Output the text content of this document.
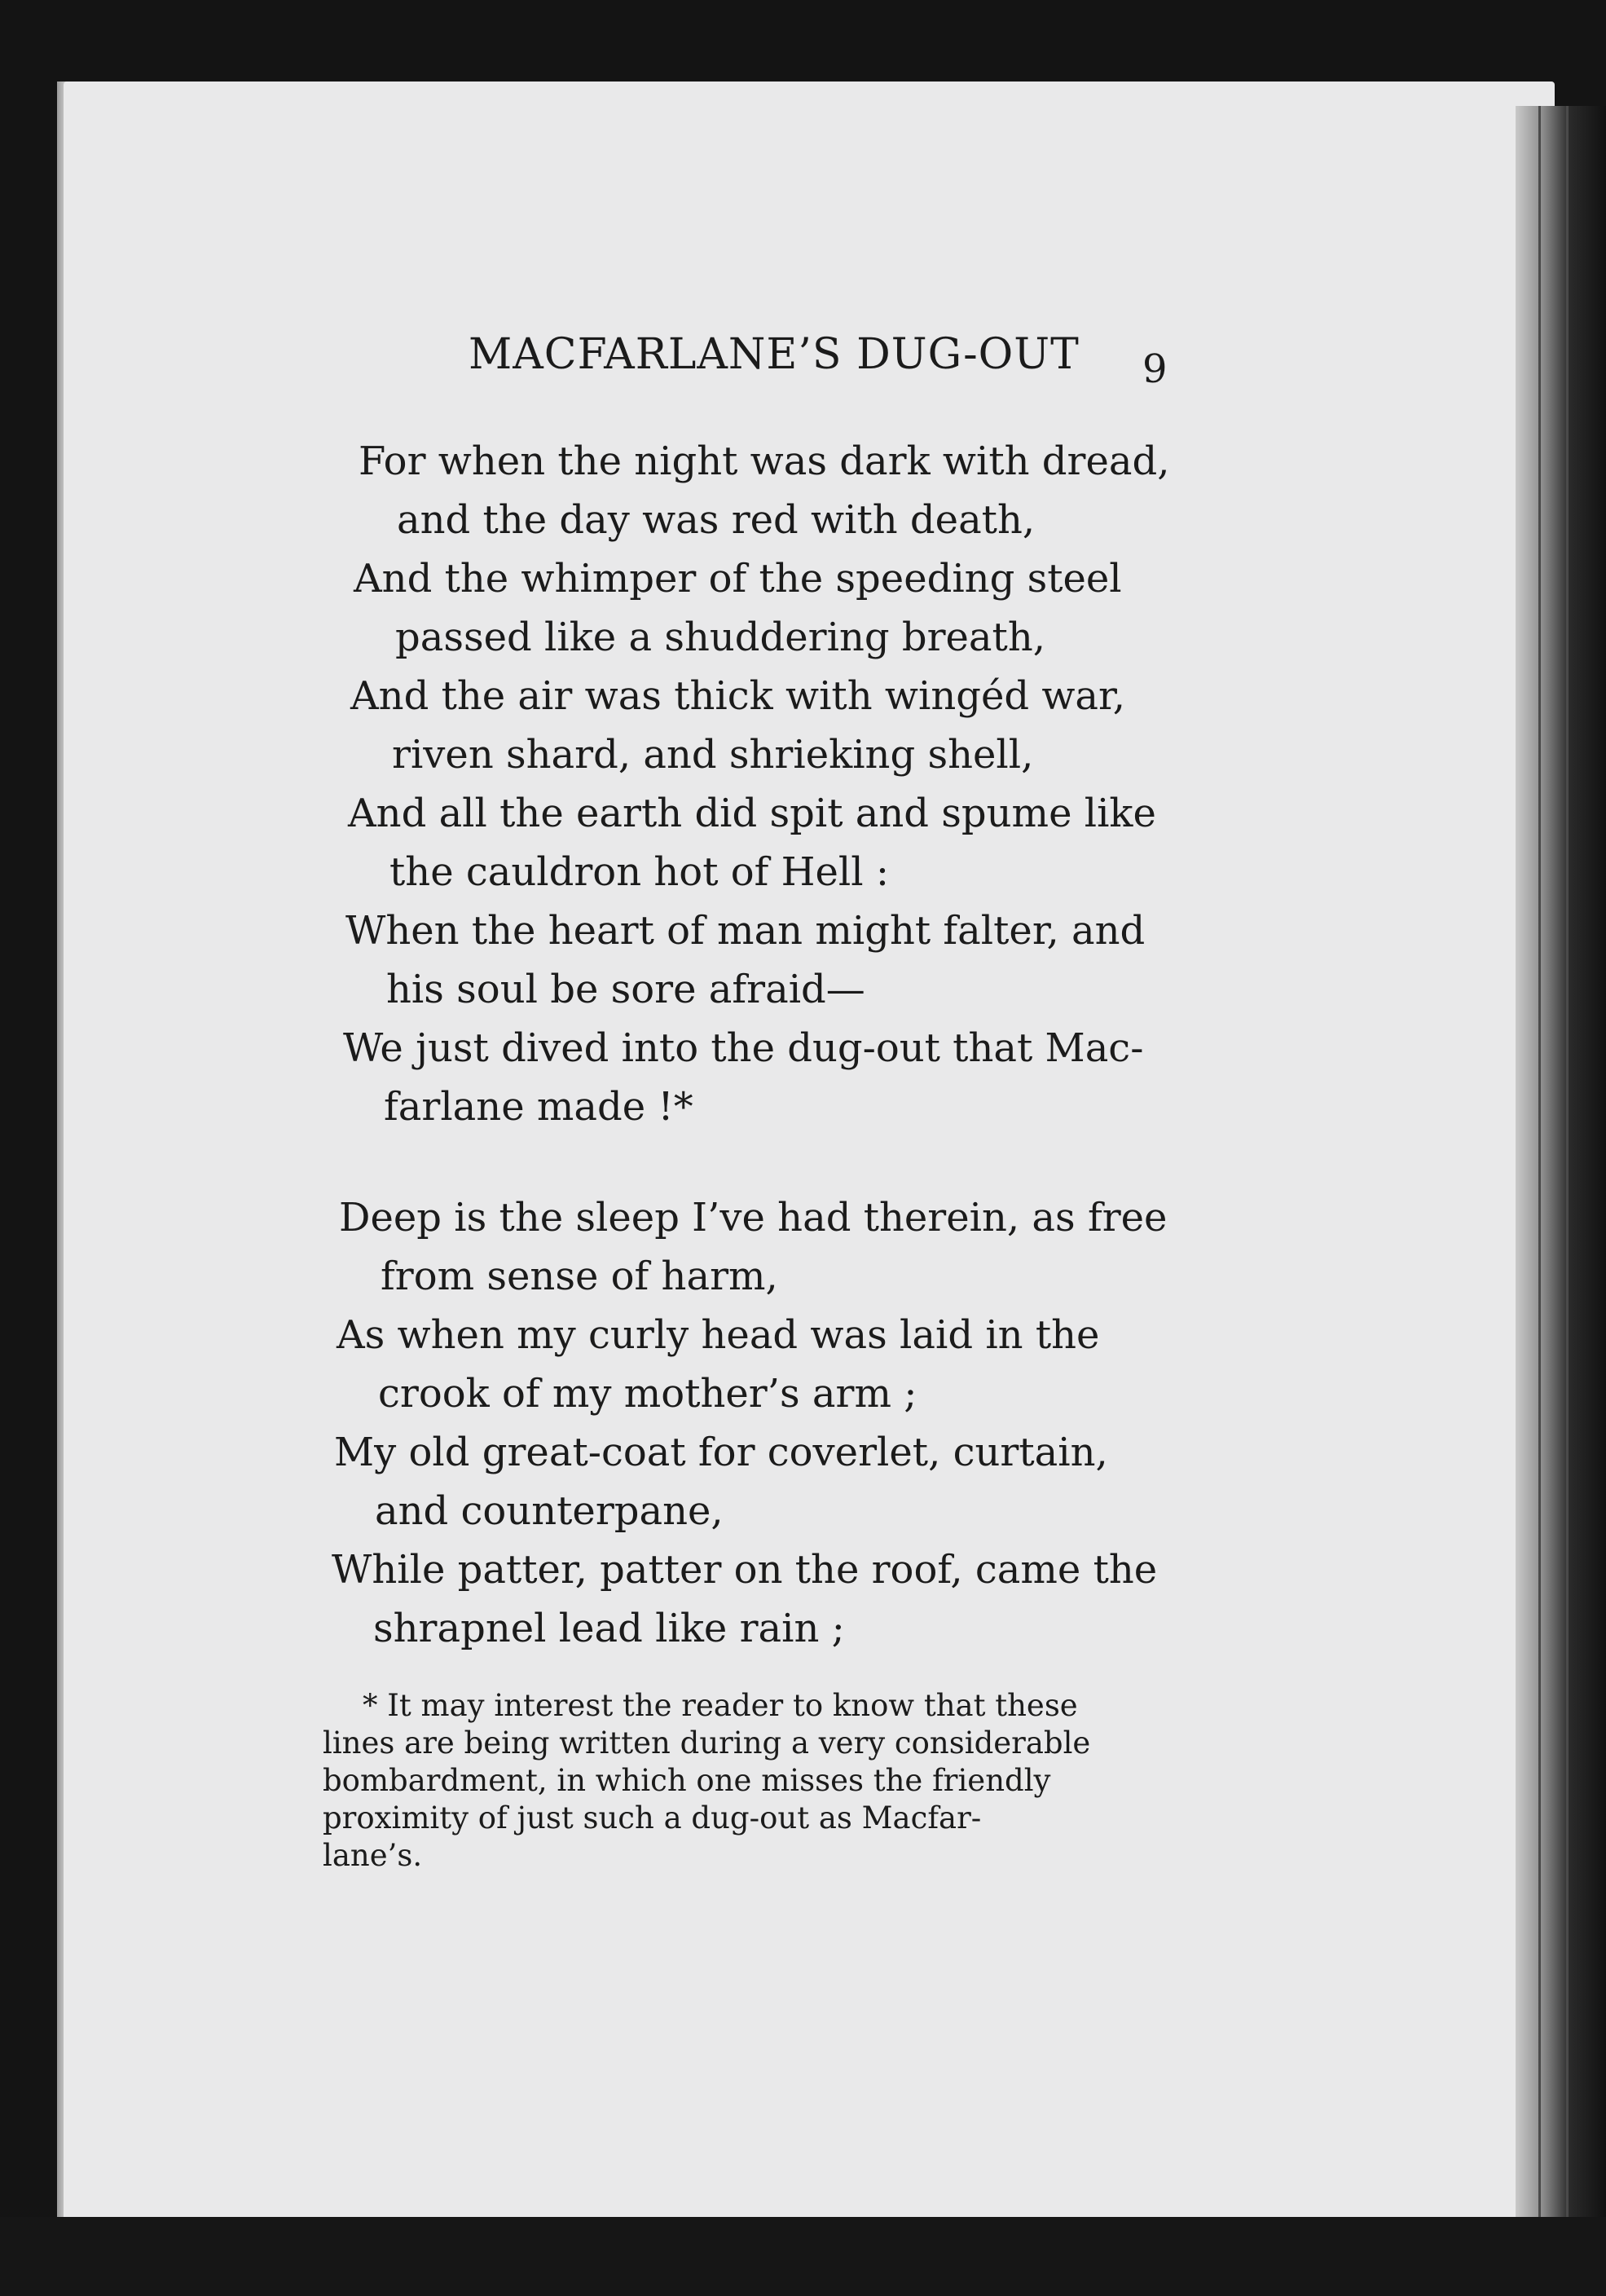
MACFARLANE’S DUG-OUT 9

For when the night was dark with dread,

and the day was red with death,

And the whimper of the speeding steel

passed like a shuddering breath,

And the air was thick with wingéd war,

riven shard, and shrieking shell,

And all the earth did spit and spume like

the cauldron hot of Hell :

When the heart of man might falter, and

his soul be sore afraid—

We just dived into the dug-out that Mac-

farlane made !*

Deep is the sleep I’ve had therein, as free

from sense of harm,

As when my curly head was laid in the

crook of my mother’s arm ;

My old great-coat for coverlet, curtain,

and counterpane,

While patter, patter on the roof, came the

shrapnel lead like rain ;

* It may interest the reader to know that these

lines are being written during a very considerable

bombardment, in which one misses the friendly

proximity of just such a dug-out as Macfar-

lane’s.
